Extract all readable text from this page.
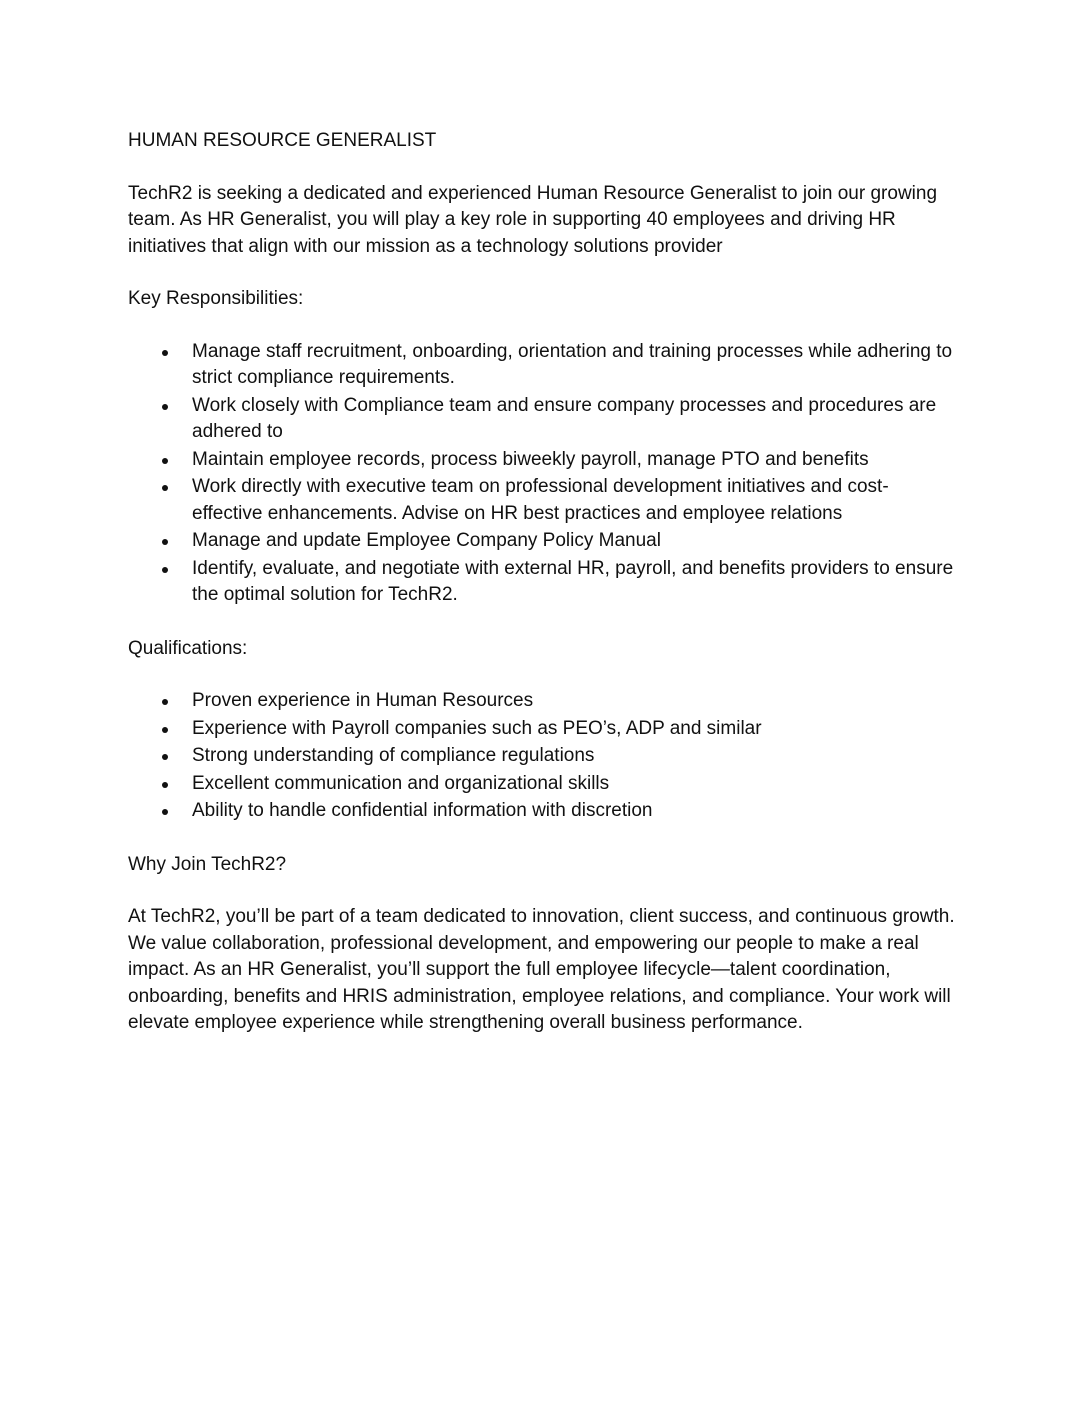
HUMAN RESOURCE GENERALIST

TechR2 is seeking a dedicated and experienced Human Resource Generalist to join our growing team. As HR Generalist, you will play a key role in supporting 40 employees and driving HR initiatives that align with our mission as a technology solutions provider

Key Responsibilities:

Manage staff recruitment, onboarding, orientation and training processes while adhering to strict compliance requirements.
Work closely with Compliance team and ensure company processes and procedures are adhered to
Maintain employee records, process biweekly payroll, manage PTO and benefits
Work directly with executive team on professional development initiatives and cost-effective enhancements. Advise on HR best practices and employee relations
Manage and update Employee Company Policy Manual
Identify, evaluate, and negotiate with external HR, payroll, and benefits providers to ensure the optimal solution for TechR2.

Qualifications:

Proven experience in Human Resources
Experience with Payroll companies such as PEO’s, ADP and similar
Strong understanding of compliance regulations
Excellent communication and organizational skills
Ability to handle confidential information with discretion

Why Join TechR2?

At TechR2, you’ll be part of a team dedicated to innovation, client success, and continuous growth. We value collaboration, professional development, and empowering our people to make a real impact. As an HR Generalist, you’ll support the full employee lifecycle—talent coordination, onboarding, benefits and HRIS administration, employee relations, and compliance. Your work will elevate employee experience while strengthening overall business performance.
